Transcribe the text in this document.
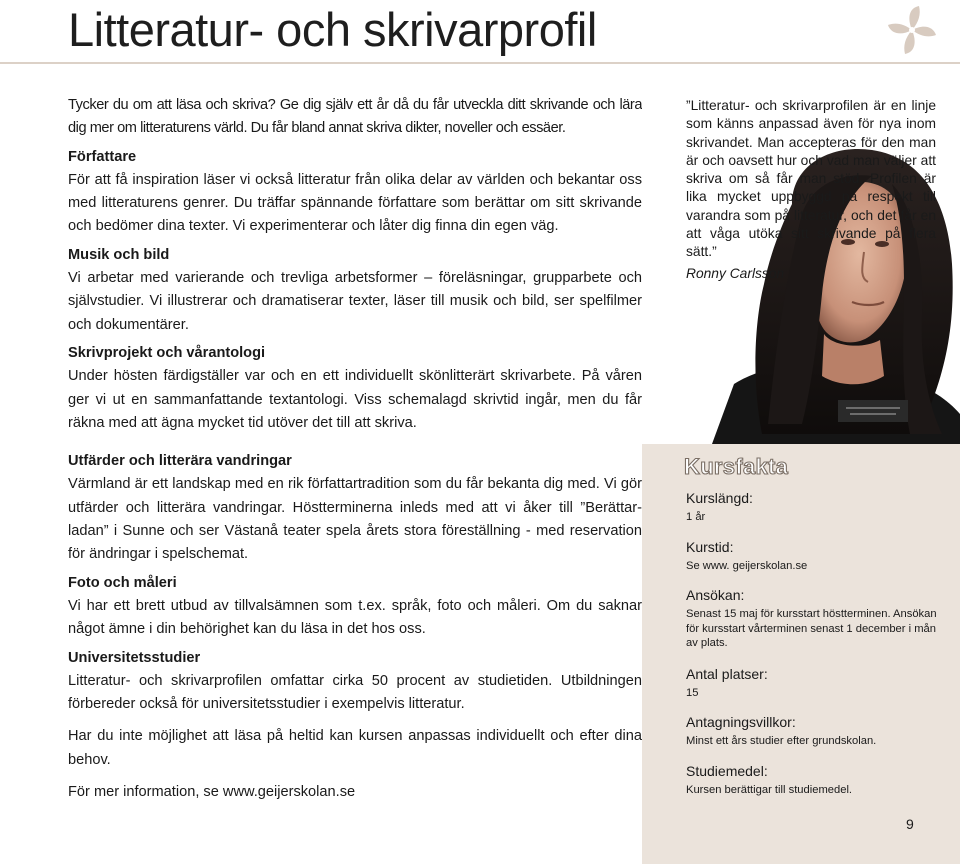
Litteratur- och skrivarprofil

Tycker du om att läsa och skriva? Ge dig själv ett år då du får utveckla ditt skrivande och lära dig mer om litteraturens värld. Du får bland annat skriva dikter, noveller och essäer.

Författare

För att få inspiration läser vi också litteratur från olika delar av världen och bekantar oss med litteraturens genrer. Du träffar spännande författare som berättar om sitt skrivande och bedömer dina texter. Vi experimenterar och låter dig finna din egen väg.

Musik och bild

Vi arbetar med varierande och trevliga arbetsformer – föreläsningar, grupparbete och självstudier. Vi illustrerar och dramatiserar texter, läser till musik och bild, ser spelfilmer och dokumentärer.

Skrivprojekt och vårantologi

Under hösten färdigställer var och en ett individuellt skönlitterärt skrivarbete. På våren ger vi ut en sammanfattande textantologi. Viss schemalagd skrivtid ingår, men du får räkna med att ägna mycket tid utöver det till att skriva.

Utfärder och litterära vandringar

Värmland är ett landskap med en rik författartradition som du får bekanta dig med. Vi gör utfärder och litterära vandringar. Höstterminerna inleds med att vi åker till ”Berättar-ladan” i Sunne och ser Västanå teater spela årets stora föreställning - med reservation för ändringar i spelschemat.

Foto och måleri

Vi har ett brett utbud av tillvalsämnen som t.ex. språk, foto och måleri. Om du saknar något ämne i din behörighet kan du läsa in det hos oss.

Universitetsstudier

Litteratur- och skrivarprofilen omfattar cirka 50 procent av studietiden. Utbildningen förbereder också för universitetsstudier i exempelvis litteratur.

Har du inte möjlighet att läsa på heltid kan kursen anpassas individuellt och efter dina behov.

För mer information, se www.geijerskolan.se

”Litteratur- och skrivarprofilen är en linje som känns anpassad även för nya inom skrivandet. Man accepteras för den man är och oavsett hur och vad man väljer att skriva om så får man stöd. Profilen är lika mycket uppbyggd på respekt till varandra som på litteratur, och det får en att våga utöka sitt skrivande på flera sätt.”

Ronny Carlsson
Kursfakta
Kurslängd:
1 år
Kurstid:
Se www. geijerskolan.se
Ansökan:
Senast 15 maj för kursstart höstterminen. Ansökan för kursstart vårterminen senast 1 december i mån av plats.
Antal platser:
15
Antagningsvillkor:
Minst ett års studier efter grundskolan.
Studiemedel:
Kursen berättigar till studiemedel.
9
